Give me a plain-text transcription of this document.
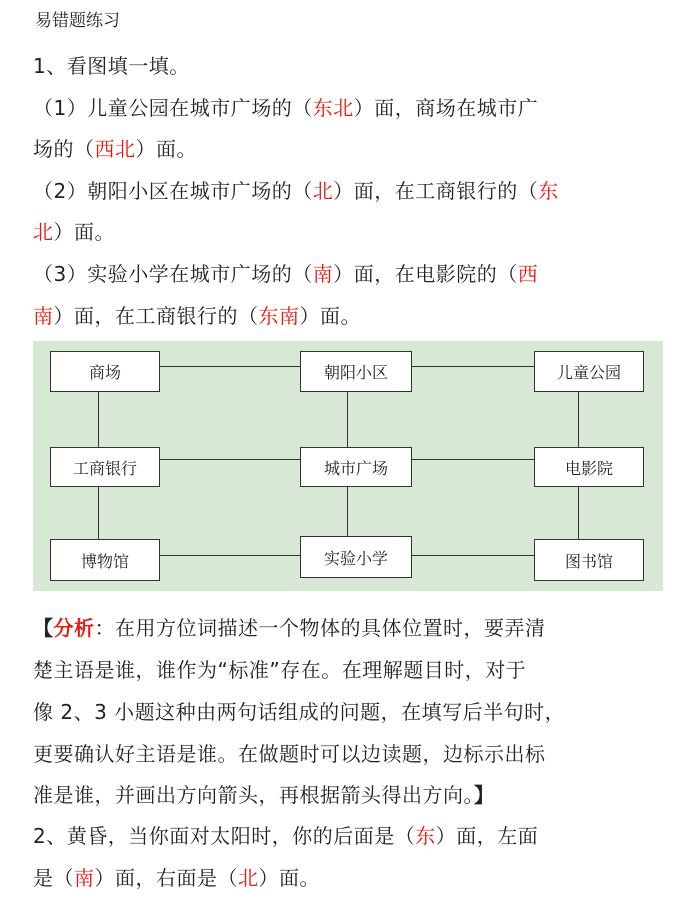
易错题练习
1、看图填一填。
（1）儿童公园在城市广场的（东北）面，商场在城市广
场的（西北）面。
（2）朝阳小区在城市广场的（北）面，在工商银行的（东
北）面。
（3）实验小学在城市广场的（南）面，在电影院的（西
南）面，在工商银行的（东南）面。
商场	朝阳小区	儿童公园
工商银行	城市广场	电影院
博物馆	实验小学	图书馆
【分析：在用方位词描述一个物体的具体位置时，要弄清
楚主语是谁，谁作为“标准”存在。在理解题目时，对于
像 2、3 小题这种由两句话组成的问题，在填写后半句时，
更要确认好主语是谁。在做题时可以边读题，边标示出标
准是谁，并画出方向箭头，再根据箭头得出方向。】
2、黄昏，当你面对太阳时，你的后面是（东）面，左面
是（南）面，右面是（北）面。
